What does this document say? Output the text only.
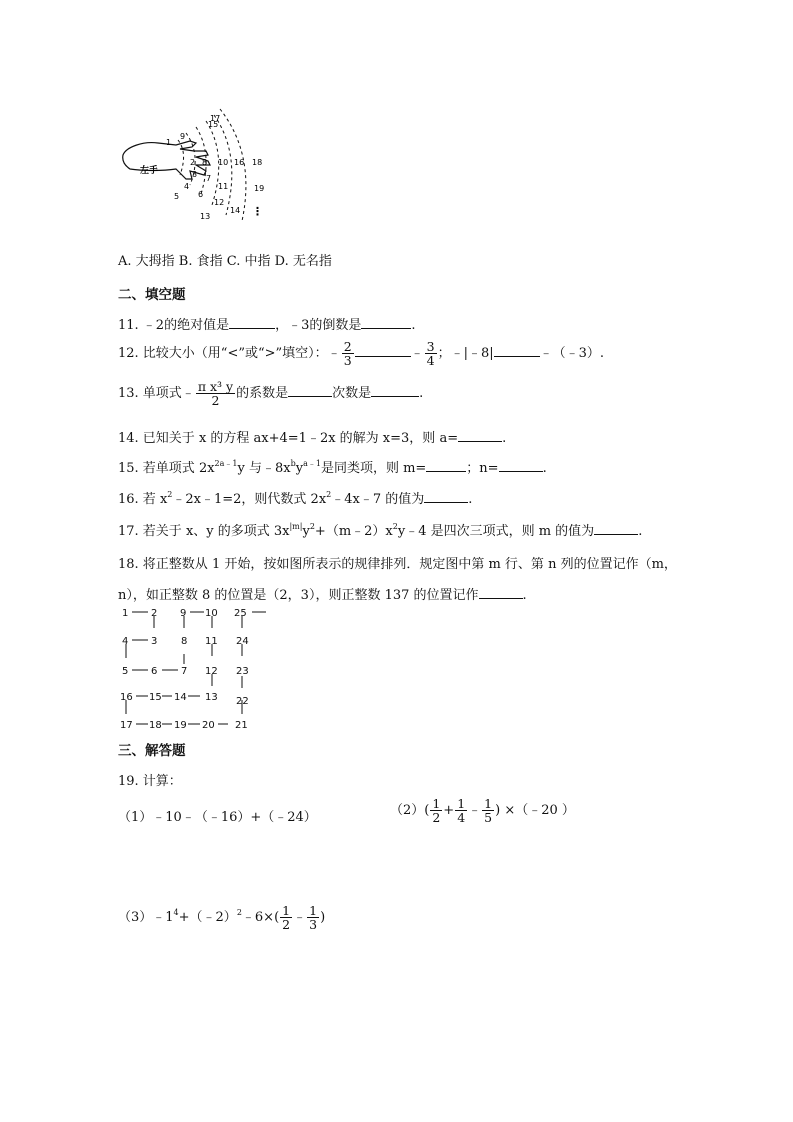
左手
1
2
3
4
5 6
7
8
9
10
11
12
13
14
15
16
17
18
19
⋮
A. 大拇指 B. 食指 C. 中指 D. 无名指
二、填空题
11. ﹣2的绝对值是	，﹣3的倒数是	.
12. 比较大小（用“<”或“>”填空）：﹣ $\frac{2}{3}$	﹣ $\frac{3}{4}$ ；﹣|﹣8|	﹣（﹣3）.
13. 单项式﹣ $\frac{\text{π x³ y}}{2}$ 的系数是	次数是	.
14. 已知关于 x 的方程 ax+4=1﹣2x 的解为 x=3，则 a=	.
15. 若单项式 $2x^{2a﹣1}y$ 与$﹣8x^by^{a﹣1}$是同类项，则 m=	；n=	.
16. 若 $x^2﹣2x﹣1=2$，则代数式 $2x^2﹣4x﹣7$ 的值为	.
17. 若关于 x、y 的多项式 $3x^{|m|}y^2+(m﹣2)x^2y﹣4$ 是四次三项式，则 m 的值为	.
18. 将正整数从 1 开始，按如图所表示的规律排列．规定图中第 m 行、第 n 列的位置记作（m，
n），如正整数 8 的位置是（2，3），则正整数 137 的位置记作	.
1 2
3
4
5 6 7
8
9 10
11
12
13
14
15
16
17 18 19 20 21
22
23
24
25
三、解答题
19. 计算：
（1）﹣10﹣（﹣16）+（﹣24）	$(2)( \frac{1}{2} + \frac{1}{4}$ ﹣ $\frac{1}{5}$ ) ×（﹣20 ）
$(3)﹣1^4+(﹣2)^2﹣6\times( \frac{1}{2}$ ﹣ $\frac{1}{3}$ )
